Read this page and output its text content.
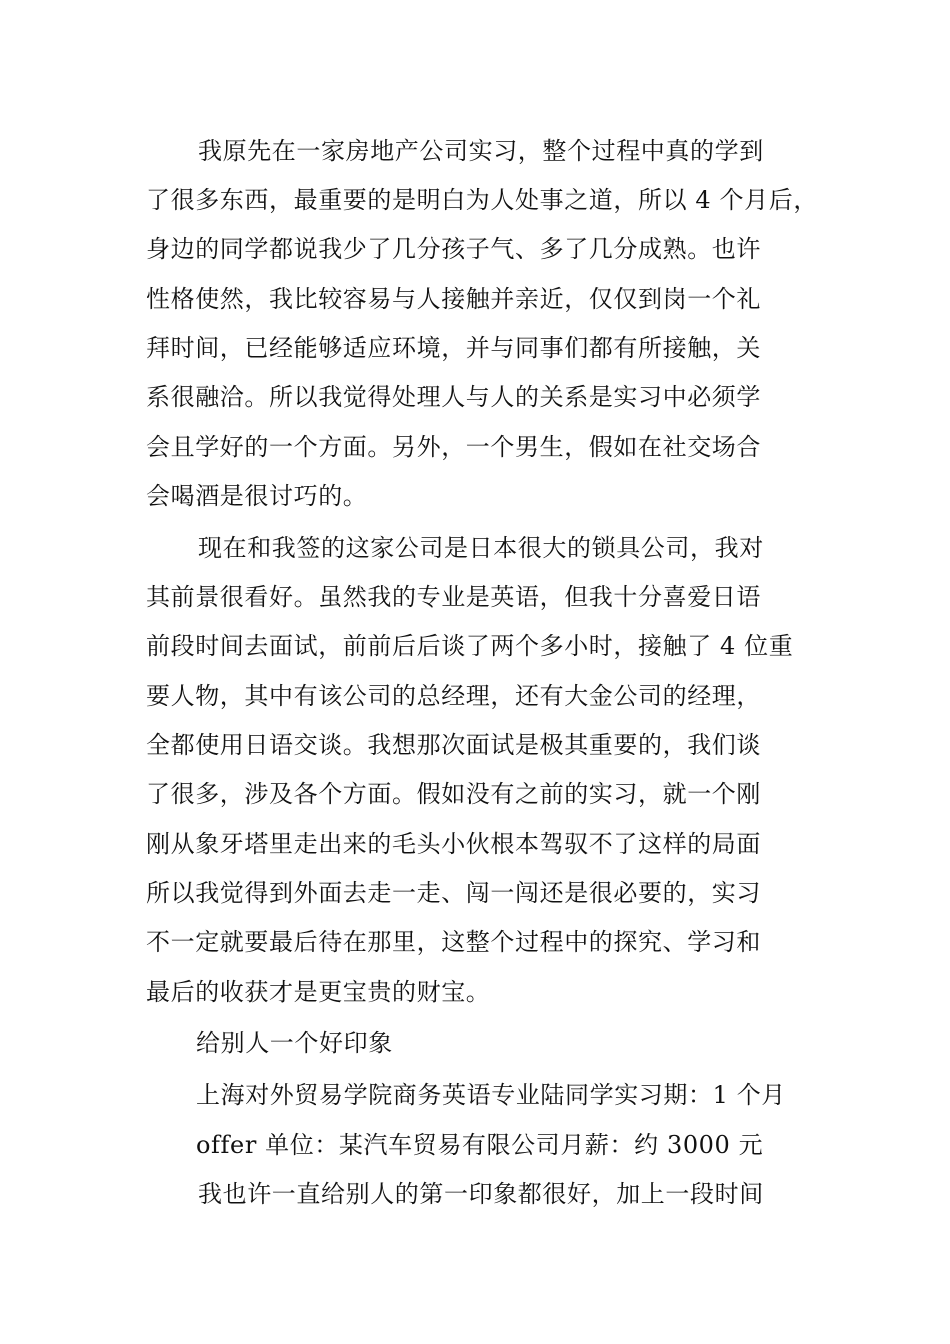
我原先在一家房地产公司实习，整个过程中真的学到
了很多东西，最重要的是明白为人处事之道，所以 4 个月后，
身边的同学都说我少了几分孩子气、多了几分成熟。也许
性格使然，我比较容易与人接触并亲近，仅仅到岗一个礼
拜时间，已经能够适应环境，并与同事们都有所接触，关
系很融洽。所以我觉得处理人与人的关系是实习中必须学
会且学好的一个方面。另外，一个男生，假如在社交场合
会喝酒是很讨巧的。
现在和我签的这家公司是日本很大的锁具公司，我对
其前景很看好。虽然我的专业是英语，但我十分喜爱日语
前段时间去面试，前前后后谈了两个多小时，接触了 4 位重
要人物，其中有该公司的总经理，还有大金公司的经理，
全都使用日语交谈。我想那次面试是极其重要的，我们谈
了很多，涉及各个方面。假如没有之前的实习，就一个刚
刚从象牙塔里走出来的毛头小伙根本驾驭不了这样的局面
所以我觉得到外面去走一走、闯一闯还是很必要的，实习
不一定就要最后待在那里，这整个过程中的探究、学习和
最后的收获才是更宝贵的财宝。
给别人一个好印象
上海对外贸易学院商务英语专业陆同学实习期：1 个月
offer 单位：某汽车贸易有限公司月薪：约 3000 元
我也许一直给别人的第一印象都很好，加上一段时间
